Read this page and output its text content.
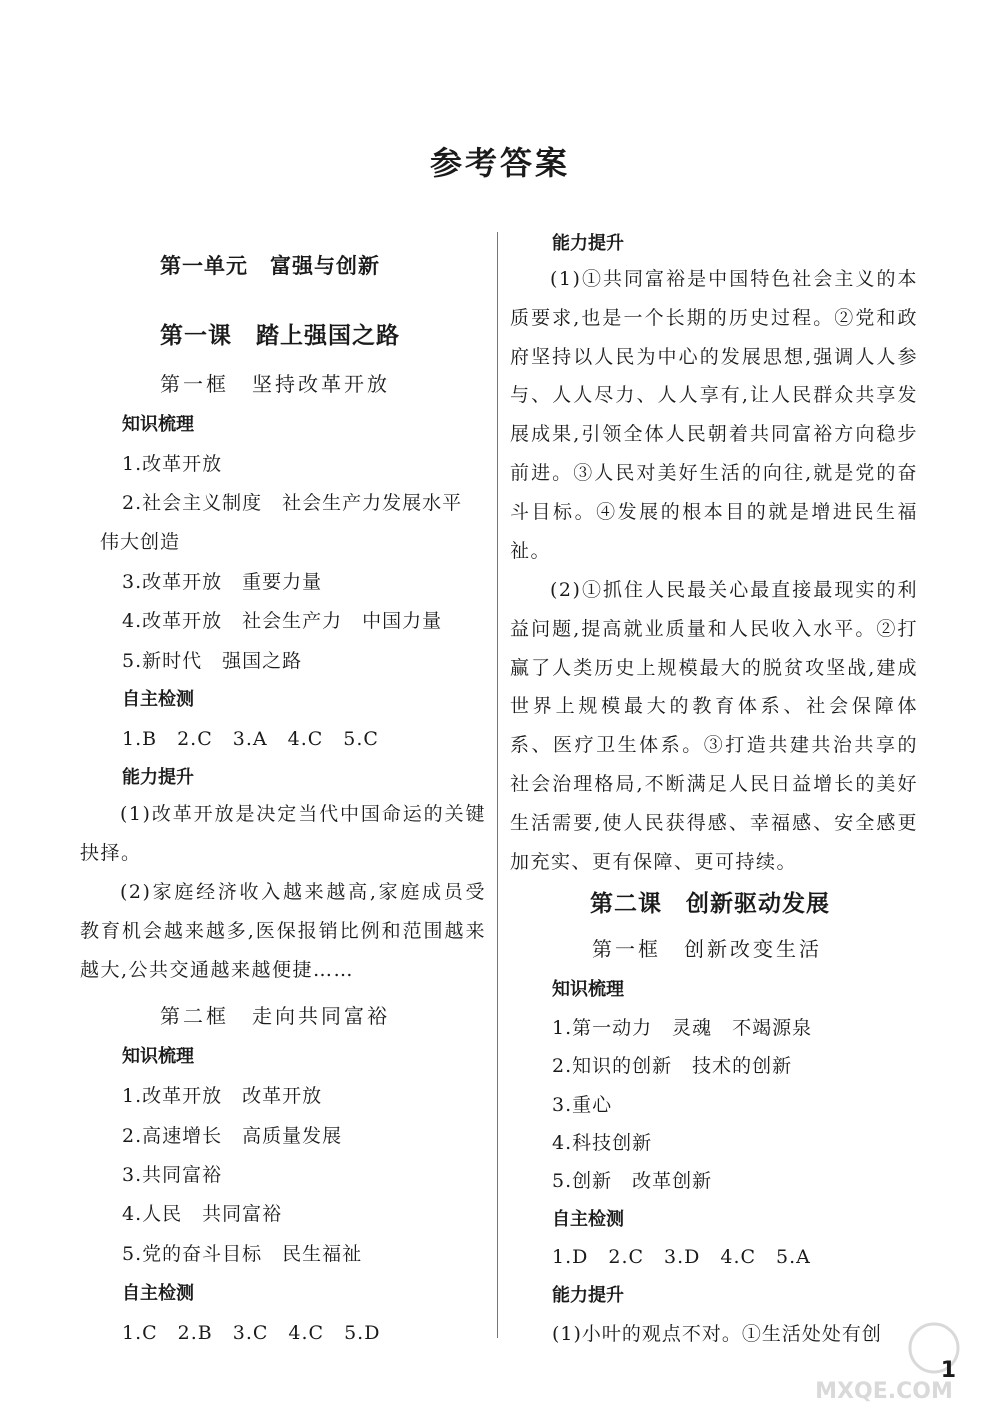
参考答案
第一单元　富强与创新
第一课　踏上强国之路
第一框　坚持改革开放
知识梳理
1.改革开放
2.社会主义制度　社会生产力发展水平
伟大创造
3.改革开放　重要力量
4.改革开放　社会生产力　中国力量
5.新时代　强国之路
自主检测
1.B　2.C　3.A　4.C　5.C
能力提升
(1)改革开放是决定当代中国命运的关键抉择。
(2)家庭经济收入越来越高,家庭成员受教育机会越来越多,医保报销比例和范围越来越大,公共交通越来越便捷……
第二框　走向共同富裕
知识梳理
1.改革开放　改革开放
2.高速增长　高质量发展
3.共同富裕
4.人民　共同富裕
5.党的奋斗目标　民生福祉
自主检测
1.C　2.B　3.C　4.C　5.D
能力提升
(1)①共同富裕是中国特色社会主义的本质要求,也是一个长期的历史过程。②党和政府坚持以人民为中心的发展思想,强调人人参与、人人尽力、人人享有,让人民群众共享发展成果,引领全体人民朝着共同富裕方向稳步前进。③人民对美好生活的向往,就是党的奋斗目标。④发展的根本目的就是增进民生福祉。
(2)①抓住人民最关心最直接最现实的利益问题,提高就业质量和人民收入水平。②打赢了人类历史上规模最大的脱贫攻坚战,建成世界上规模最大的教育体系、社会保障体系、医疗卫生体系。③打造共建共治共享的社会治理格局,不断满足人民日益增长的美好生活需要,使人民获得感、幸福感、安全感更加充实、更有保障、更可持续。
第二课　创新驱动发展
第一框　创新改变生活
知识梳理
1.第一动力　灵魂　不竭源泉
2.知识的创新　技术的创新
3.重心
4.科技创新
5.创新　改革创新
自主检测
1.D　2.C　3.D　4.C　5.A
能力提升
(1)小叶的观点不对。①生活处处有创
MXQE.COM
1
